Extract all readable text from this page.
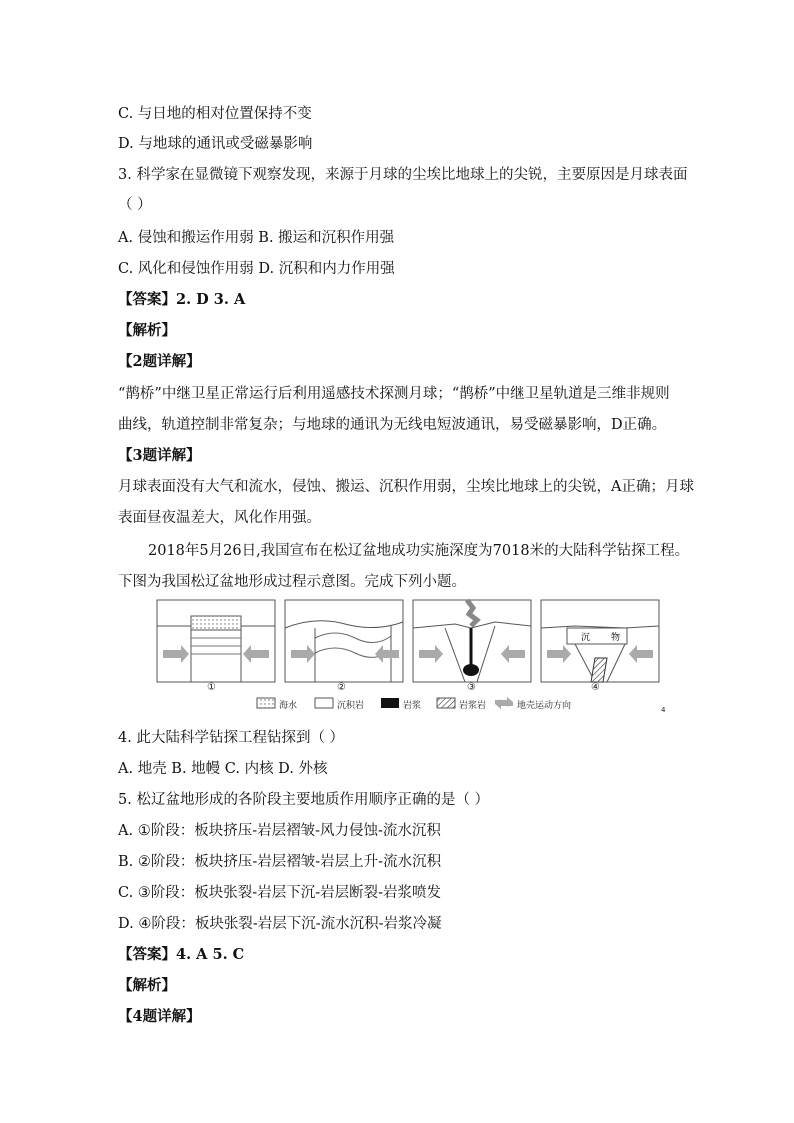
C. 与日地的相对位置保持不变
D. 与地球的通讯或受磁暴影响
3. 科学家在显微镜下观察发现，来源于月球的尘埃比地球上的尖锐，主要原因是月球表面
（ ）
A. 侵蚀和搬运作用弱 B. 搬运和沉积作用强
C. 风化和侵蚀作用弱 D. 沉积和内力作用强
【答案】2. D 3. A
【解析】
【2题详解】
“鹊桥”中继卫星正常运行后利用遥感技术探测月球；“鹊桥”中继卫星轨道是三维非规则
曲线，轨道控制非常复杂；与地球的通讯为无线电短波通讯，易受磁暴影响，D正确。
【3题详解】
月球表面没有大气和流水，侵蚀、搬运、沉积作用弱，尘埃比地球上的尖锐，A正确；月球
表面昼夜温差大，风化作用强。
2018年5月26日,我国宣布在松辽盆地成功实施深度为7018米的大陆科学钻探工程。
下图为我国松辽盆地形成过程示意图。完成下列小题。
沉 物
①	②	③	④
海水	沉积岩	岩浆	岩浆岩	地壳运动方向	4
4. 此大陆科学钻探工程钻探到（ ）
A. 地壳 B. 地幔 C. 内核 D. 外核
5. 松辽盆地形成的各阶段主要地质作用顺序正确的是（ ）
A. ①阶段：板块挤压-岩层褶皱-风力侵蚀-流水沉积
B. ②阶段：板块挤压-岩层褶皱-岩层上升-流水沉积
C. ③阶段：板块张裂-岩层下沉-岩层断裂-岩浆喷发
D. ④阶段：板块张裂-岩层下沉-流水沉积-岩浆冷凝
【答案】4. A 5. C
【解析】
【4题详解】
